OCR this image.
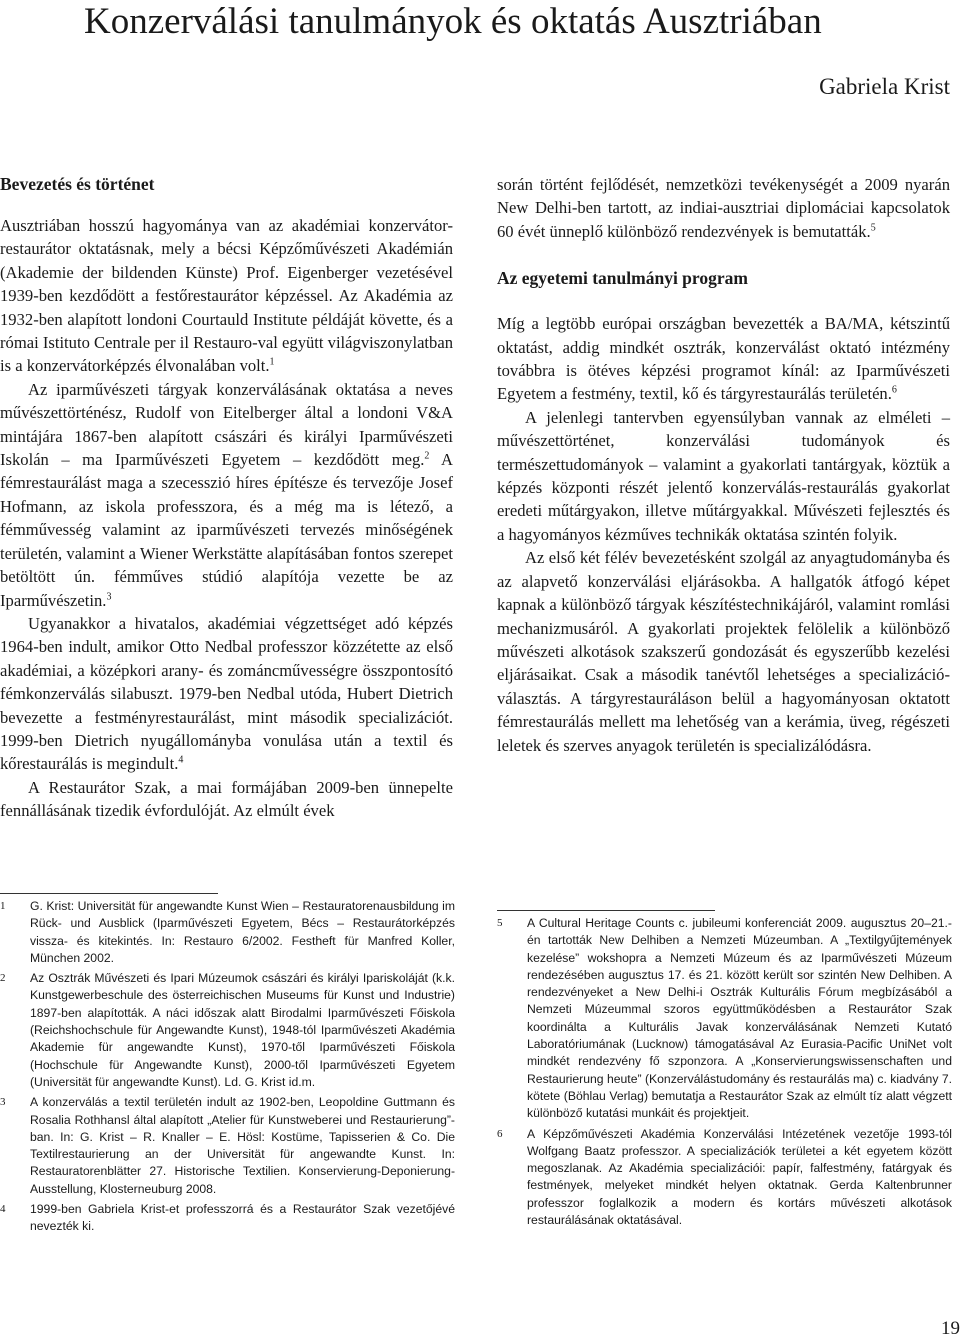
Konzerválási tanulmányok és oktatás Ausztriában
Gabriela Krist
Bevezetés és történet

Ausztriában hosszú hagyománya van az akadémiai konzervátor-restaurátor oktatásnak, mely a bécsi Képzőművészeti Akadémián (Akademie der bildenden Künste) Prof. Eigenberger vezetésével 1939-ben kezdődött a festőrestaurátor képzéssel. Az Akadémia az 1932-ben alapított londoni Courtauld Institute példáját követte, és a római Istituto Centrale per il Restauro-val együtt világviszonylatban is a konzervátorképzés élvonalában volt.$^1$

Az iparművészeti tárgyak konzerválásának oktatása a neves művészettörténész, Rudolf von Eitelberger által a londoni V&A mintájára 1867-ben alapított császári és királyi Iparművészeti Iskolán – ma Iparművészeti Egyetem – kezdődött meg.$^2$ A fémrestaurálást maga a szecesszió híres építésze és tervezője Josef Hofmann, az iskola professzora, és a még ma is létező, a fémművesség valamint az iparművészeti tervezés minőségének területén, valamint a Wiener Werkstätte alapításában fontos szerepet betöltött ún. fémműves stúdió alapítója vezette be az Iparművészetin.$^3$

Ugyanakkor a hivatalos, akadémiai végzettséget adó képzés 1964-ben indult, amikor Otto Nedbal professzor közzétette az első akadémiai, a középkori arany- és zománcművességre összpontosító fémkonzerválás silabuszt. 1979-ben Nedbal utóda, Hubert Dietrich bevezette a festményrestaurálást, mint második specializációt. 1999-ben Dietrich nyugállományba vonulása után a textil és kőrestaurálás is megindult.$^4$

A Restaurátor Szak, a mai formájában 2009-ben ünnepelte fennállásának tizedik évfordulóját. Az elmúlt évek

során történt fejlődését, nemzetközi tevékenységét a 2009 nyarán New Delhi-ben tartott, az indiai-ausztriai diplomáciai kapcsolatok 60 évét ünneplő különböző rendezvények is bemutatták.$^5$

Az egyetemi tanulmányi program

Míg a legtöbb európai országban bevezették a BA/MA, kétszintű oktatást, addig mindkét osztrák, konzerválást oktató intézmény továbbra is ötéves képzési programot kínál: az Iparművészeti Egyetem a festmény, textil, kő és tárgyrestaurálás területén.$^6$

A jelenlegi tantervben egyensúlyban vannak az elméleti – művészettörténet, konzerválási tudományok és természettudományok – valamint a gyakorlati tantárgyak, köztük a képzés központi részét jelentő konzerválás-restaurálás gyakorlat eredeti műtárgyakon, illetve műtárgyakkal. Művészeti fejlesztés és a hagyományos kézműves technikák oktatása szintén folyik.

Az első két félév bevezetésként szolgál az anyagtudományba és az alapvető konzerválási eljárásokba. A hallgatók átfogó képet kapnak a különböző tárgyak készítéstechnikájáról, valamint romlási mechanizmusáról. A gyakorlati projektek felölelik a különböző művészeti alkotások szakszerű gondozását és egyszerűbb kezelési eljárásaikat. Csak a második tanévtől lehetséges a specializáció-választás. A tárgyrestauráláson belül a hagyományosan oktatott fémrestaurálás mellett ma lehetőség van a kerámia, üveg, régészeti leletek és szerves anyagok területén is specializálódásra.

1 G. Krist: Universität für angewandte Kunst Wien – Restauratorenausbildung im Rück- und Ausblick (Iparművészeti Egyetem, Bécs – Restaurátorképzés vissza- és kitekintés. In: Restauro 6/2002. Festheft für Manfred Koller, München 2002.
2 Az Osztrák Művészeti és Ipari Múzeumok császári és királyi Ipariskoláját (k.k. Kunstgewerbeschule des österreichischen Museums für Kunst und Industrie) 1897-ben alapították. A náci időszak alatt Birodalmi Iparművészeti Főiskola (Reichshochschule für Angewandte Kunst), 1948-tól Iparművészeti Akadémia Akademie für angewandte Kunst), 1970-től Iparművészeti Főiskola (Hochschule für Angewandte Kunst), 2000-től Iparművészeti Egyetem (Universität für angewandte Kunst). Ld. G. Krist id.m.
3 A konzerválás a textil területén indult az 1902-ben, Leopoldine Guttmann és Rosalia Rothhansl által alapított „Atelier für Kunstweberei und Restaurierung”-ban. In: G. Krist – R. Knaller – E. Hösl: Kostüme, Tapisserien & Co. Die Textilrestaurierung an der Universität für angewandte Kunst. In: Restauratorenblätter 27. Historische Textilien. Konservierung-Deponierung-Ausstellung, Klosterneuburg 2008.
4 1999-ben Gabriela Krist-et professzorrá és a Restaurátor Szak vezetőjévé nevezték ki.
5 A Cultural Heritage Counts c. jubileumi konferenciát 2009. augusztus 20–21.-én tartották New Delhiben a Nemzeti Múzeumban. A „Textilgyűjtemények kezelése” wokshopra a Nemzeti Múzeum és az Iparművészeti Múzeum rendezésében augusztus 17. és 21. között került sor szintén New Delhiben. A rendezvényeket a New Delhi-i Osztrák Kulturális Fórum megbízásából a Nemzeti Múzeummal szoros együttműködésben a Restaurátor Szak koordinálta a Kulturális Javak konzerválásának Nemzeti Kutató Laboratóriumának (Lucknow) támogatásával Az Eurasia-Pacific UniNet volt mindkét rendezvény fő szponzora. A „Konservierungswissenschaften und Restaurierung heute” (Konzerválástudomány és restaurálás ma) c. kiadvány 7. kötete (Böhlau Verlag) bemutatja a Restaurátor Szak az elmúlt tíz alatt végzett különböző kutatási munkáit és projektjeit.
6 A Képzőművészeti Akadémia Konzerválási Intézetének vezetője 1993-tól Wolfgang Baatz professzor. A specializációk területei a két egyetem között megoszlanak. Az Akadémia specializációi: papír, falfestmény, fatárgyak és festmények, melyeket mindkét helyen oktatnak. Gerda Kaltenbrunner professzor foglalkozik a modern és kortárs művészeti alkotások restaurálásának oktatásával.
19
